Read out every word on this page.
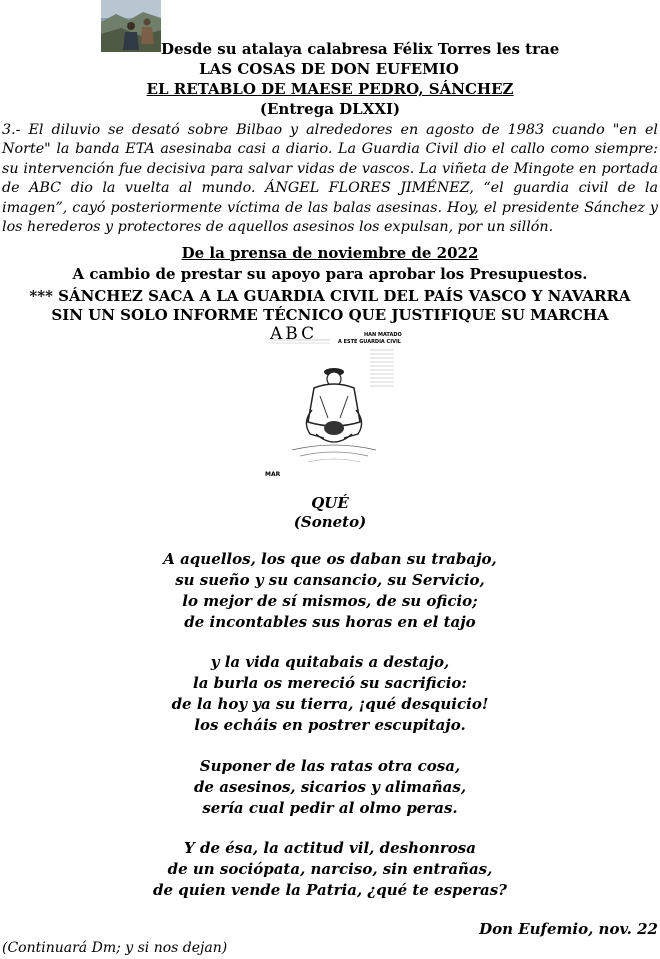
Desde su atalaya calabresa Félix Torres les trae
LAS COSAS DE DON EUFEMIO
EL RETABLO DE MAESE PEDRO, SÁNCHEZ
(Entrega DLXXI)
3.- El diluvio se desató sobre Bilbao y alrededores en agosto de 1983 cuando "en el Norte" la banda ETA asesinaba casi a diario. La Guardia Civil dio el callo como siempre: su intervención fue decisiva para salvar vidas de vascos. La viñeta de Mingote en portada de ABC dio la vuelta al mundo. ÁNGEL FLORES JIMÉNEZ, “el guardia civil de la imagen”, cayó posteriormente víctima de las balas asesinas. Hoy, el presidente Sánchez y los herederos y protectores de aquellos asesinos los expulsan, por un sillón.
De la prensa de noviembre de 2022
A cambio de prestar su apoyo para aprobar los Presupuestos.
*** SÁNCHEZ SACA A LA GUARDIA CIVIL DEL PAÍS VASCO Y NAVARRA
SIN UN SOLO INFORME TÉCNICO QUE JUSTIFIQUE SU MARCHA
ABC	HAN MATADO
A ESTE GUARDIA CIVIL
MAR
QUÉ
(Soneto)
A aquellos, los que os daban su trabajo,
su sueño y su cansancio, su Servicio,
lo mejor de sí mismos, de su oficio;
de incontables sus horas en el tajo
y la vida quitabais a destajo,
la burla os mereció su sacrificio:
de la hoy ya su tierra, ¡qué desquicio!
los echáis en postrer escupitajo.
Suponer de las ratas otra cosa,
de asesinos, sicarios y alimañas,
sería cual pedir al olmo peras.
Y de ésa, la actitud vil, deshonrosa
de un sociópata, narciso, sin entrañas,
de quien vende la Patria, ¿qué te esperas?
Don Eufemio, nov. 22
(Continuará Dm; y si nos dejan)
